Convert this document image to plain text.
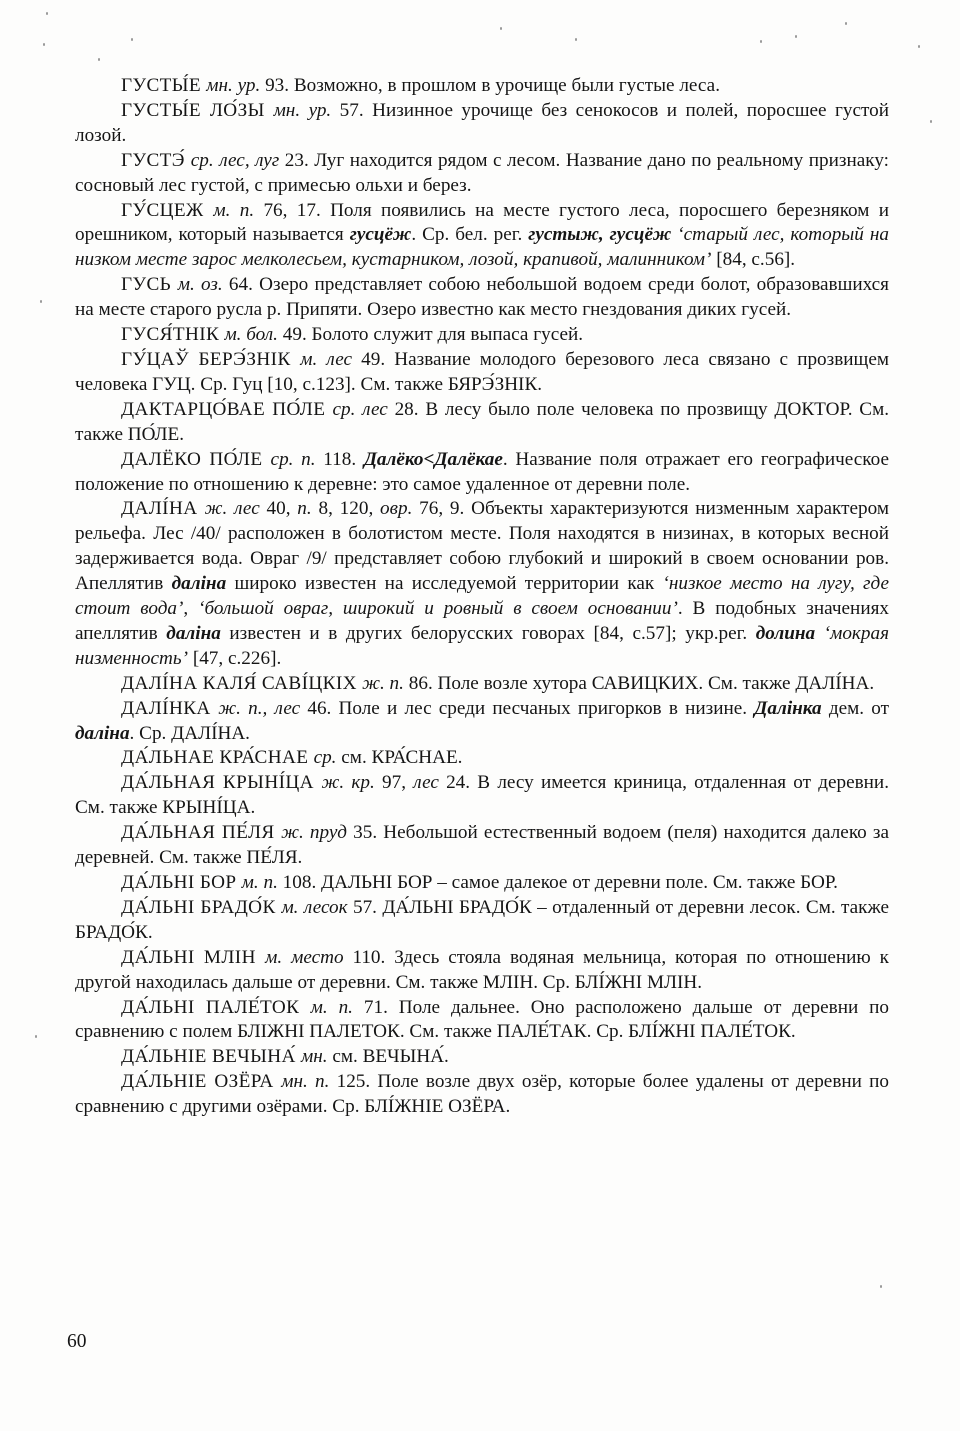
ГУСТЫ́Е мн. ур. 93. Возможно, в прошлом в урочище были густые леса.

ГУСТЫ́Е ЛО́ЗЫ мн. ур. 57. Низинное урочище без сенокосов и полей, поросшее густой лозой.

ГУСТЭ́ ср. лес, луг 23. Луг находится рядом с лесом. Название дано по реальному признаку: сосновый лес густой, с примесью ольхи и берез.

ГУ́СЦЕЖ м. п. 76, 17. Поля появились на месте густого леса, поросшего березняком и орешником, который называется гусцёж. Ср. бел. рег. густыж, гусцёж ‘старый лес, который на низком месте зарос мелколесьем, кустарником, лозой, крапивой, малинником’ [84, с.56].

ГУСЬ м. оз. 64. Озеро представляет собою небольшой водоем среди болот, образовавшихся на месте старого русла р. Припяти. Озеро известно как место гнездования диких гусей.

ГУСЯ́ТНІК м. бол. 49. Болото служит для выпаса гусей.

ГУ́ЦАЎ БЕРЭ́ЗНІК м. лес 49. Название молодого березового леса связано с прозвищем человека ГУЦ. Ср. Гуц [10, с.123]. См. также БЯРЭ́ЗНІК.

ДАКТАРЦО́ВАЕ ПО́ЛЕ ср. лес 28. В лесу было поле человека по прозвищу ДОКТОР. См. также ПО́ЛЕ.

ДАЛЁКО ПО́ЛЕ ср. п. 118. Далёко<Далёкае. Название поля отражает его географическое положение по отношению к деревне: это самое удаленное от деревни поле.

ДАЛІ́НА ж. лес 40, п. 8, 120, овр. 76, 9. Объекты характеризуются низменным характером рельефа. Лес /40/ расположен в болотистом месте. Поля находятся в низинах, в которых весной задерживается вода. Овраг /9/ представляет собою глубокий и широкий в своем основании ров. Апеллятив даліна широко известен на исследуемой территории как ‘низкое место на лугу, где стоит вода’, ‘большой овраг, широкий и ровный в своем основании’. В подобных значениях апеллятив даліна известен и в других белорусских говорах [84, с.57]; укр.рег. долина ‘мокрая низменность’ [47, с.226].

ДАЛІ́НА КАЛЯ́ САВІ́ЦКІХ ж. п. 86. Поле возле хутора САВИЦКИХ. См. также ДАЛІ́НА.

ДАЛІ́НКА ж. п., лес 46. Поле и лес среди песчаных пригорков в низине. Далінка дем. от даліна. Ср. ДАЛІ́НА.

ДА́ЛЬНАЕ КРА́СНАЕ ср. см. КРА́СНАЕ.

ДА́ЛЬНАЯ КРЫНІ́ЦА ж. кр. 97, лес 24. В лесу имеется криница, отдаленная от деревни. См. также КРЫНІ́ЦА.

ДА́ЛЬНАЯ ПЕ́ЛЯ ж. пруд 35. Небольшой естественный водоем (пеля) находится далеко за деревней. См. также ПЕ́ЛЯ.

ДА́ЛЬНІ БОР м. п. 108. ДАЛЬНІ БОР – самое далекое от деревни поле. См. также БОР.

ДА́ЛЬНІ БРАДО́К м. лесок 57. ДА́ЛЬНІ БРАДО́К – отдаленный от деревни лесок. См. также БРАДО́К.

ДА́ЛЬНІ МЛІН м. место 110. Здесь стояла водяная мельница, которая по отношению к другой находилась дальше от деревни. См. также МЛІН. Ср. БЛІ́ЖНІ МЛІН.

ДА́ЛЬНІ ПАЛЕ́ТОК м. п. 71. Поле дальнее. Оно расположено дальше от деревни по сравнению с полем БЛІЖНІ ПАЛЕТОК. См. также ПАЛЕ́ТАК. Ср. БЛІ́ЖНІ ПАЛЕ́ТОК.

ДА́ЛЬНІЕ ВЕЧЫНА́ мн. см. ВЕЧЫНА́.

ДА́ЛЬНІЕ ОЗЁРА мн. п. 125. Поле возле двух озёр, которые более удалены от деревни по сравнению с другими озёрами. Ср. БЛІ́ЖНІЕ ОЗЁРА.

60
